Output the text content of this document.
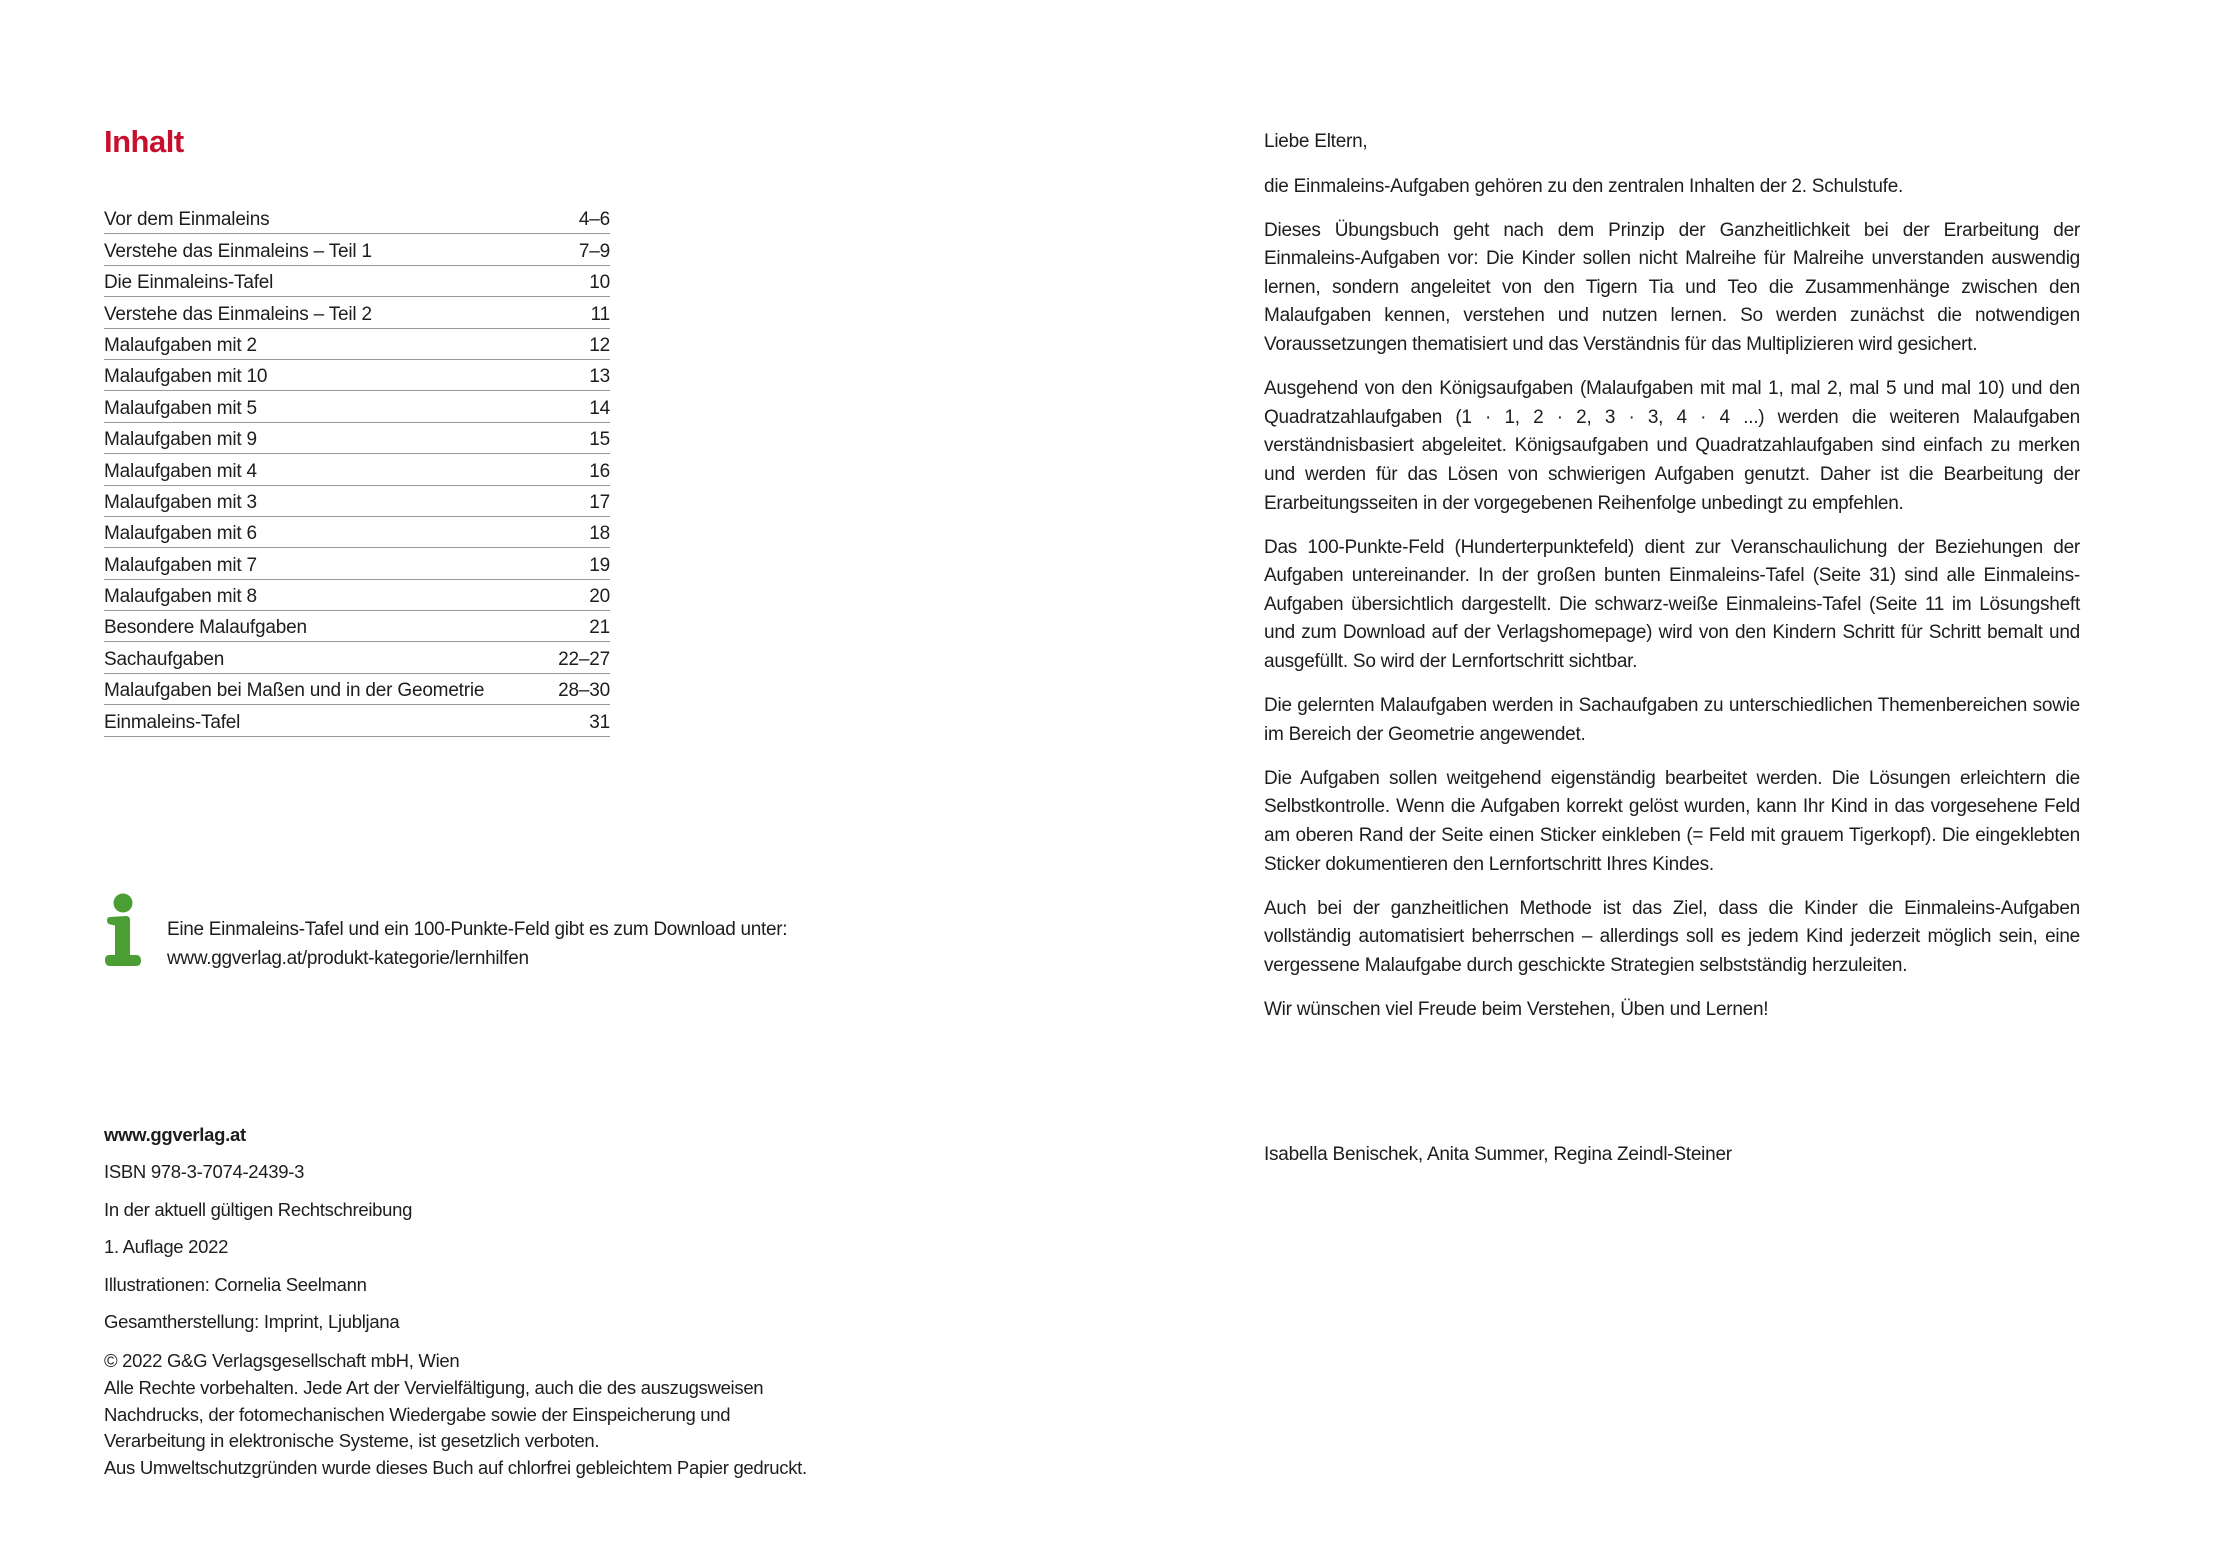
Inhalt
Vor dem Einmaleins	4–6
Verstehe das Einmaleins – Teil 1	7–9
Die Einmaleins-Tafel	10
Verstehe das Einmaleins – Teil 2	11
Malaufgaben mit 2	12
Malaufgaben mit 10	13
Malaufgaben mit 5	14
Malaufgaben mit 9	15
Malaufgaben mit 4	16
Malaufgaben mit 3	17
Malaufgaben mit 6	18
Malaufgaben mit 7	19
Malaufgaben mit 8	20
Besondere Malaufgaben	21
Sachaufgaben	22–27
Malaufgaben bei Maßen und in der Geometrie	28–30
Einmaleins-Tafel	31
Eine Einmaleins-Tafel und ein 100-Punkte-Feld gibt es zum Download unter:
www.ggverlag.at/produkt-kategorie/lernhilfen
www.ggverlag.at
ISBN 978-3-7074-2439-3
In der aktuell gültigen Rechtschreibung
1. Auflage 2022
Illustrationen: Cornelia Seelmann
Gesamtherstellung: Imprint, Ljubljana
© 2022 G&G Verlagsgesellschaft mbH, Wien
Alle Rechte vorbehalten. Jede Art der Vervielfältigung, auch die des auszugsweisen
Nachdrucks, der fotomechanischen Wiedergabe sowie der Einspeicherung und
Verarbeitung in elektronische Systeme, ist gesetzlich verboten.
Aus Umweltschutzgründen wurde dieses Buch auf chlorfrei gebleichtem Papier gedruckt.

Liebe Eltern,

die Einmaleins-Aufgaben gehören zu den zentralen Inhalten der 2. Schulstufe.

Dieses Übungsbuch geht nach dem Prinzip der Ganzheitlichkeit bei der Erarbeitung der Einmaleins-Aufgaben vor: Die Kinder sollen nicht Malreihe für Malreihe unverstanden auswendig lernen, sondern angeleitet von den Tigern Tia und Teo die Zusammenhänge zwischen den Malaufgaben kennen, verstehen und nutzen lernen. So werden zunächst die notwendigen Voraussetzungen thematisiert und das Verständnis für das Multiplizieren wird gesichert.

Ausgehend von den Königsaufgaben (Malaufgaben mit mal 1, mal 2, mal 5 und mal 10) und den Quadratzahlaufgaben (1 · 1, 2 · 2, 3 · 3, 4 · 4 ...) werden die weiteren Malaufgaben verständnisbasiert abgeleitet. Königsaufgaben und Quadratzahlaufgaben sind einfach zu merken und werden für das Lösen von schwierigen Aufgaben genutzt. Daher ist die Bearbeitung der Erarbeitungsseiten in der vorgegebenen Reihenfolge unbedingt zu empfehlen.

Das 100-Punkte-Feld (Hunderterpunktefeld) dient zur Veranschaulichung der Beziehungen der Aufgaben untereinander. In der großen bunten Einmaleins-Tafel (Seite 31) sind alle Einmaleins-Aufgaben übersichtlich dargestellt. Die schwarz-weiße Einmaleins-Tafel (Seite 11 im Lösungsheft und zum Download auf der Verlagshomepage) wird von den Kindern Schritt für Schritt bemalt und ausgefüllt. So wird der Lernfortschritt sichtbar.

Die gelernten Malaufgaben werden in Sachaufgaben zu unterschiedlichen Themenbereichen sowie im Bereich der Geometrie angewendet.

Die Aufgaben sollen weitgehend eigenständig bearbeitet werden. Die Lösungen erleichtern die Selbstkontrolle. Wenn die Aufgaben korrekt gelöst wurden, kann Ihr Kind in das vorgesehene Feld am oberen Rand der Seite einen Sticker einkleben (= Feld mit grauem Tigerkopf). Die eingeklebten Sticker dokumentieren den Lernfortschritt Ihres Kindes.

Auch bei der ganzheitlichen Methode ist das Ziel, dass die Kinder die Einmaleins-Aufgaben vollständig automatisiert beherrschen – allerdings soll es jedem Kind jederzeit möglich sein, eine vergessene Malaufgabe durch geschickte Strategien selbstständig herzuleiten.

Wir wünschen viel Freude beim Verstehen, Üben und Lernen!

Isabella Benischek, Anita Summer, Regina Zeindl-Steiner
